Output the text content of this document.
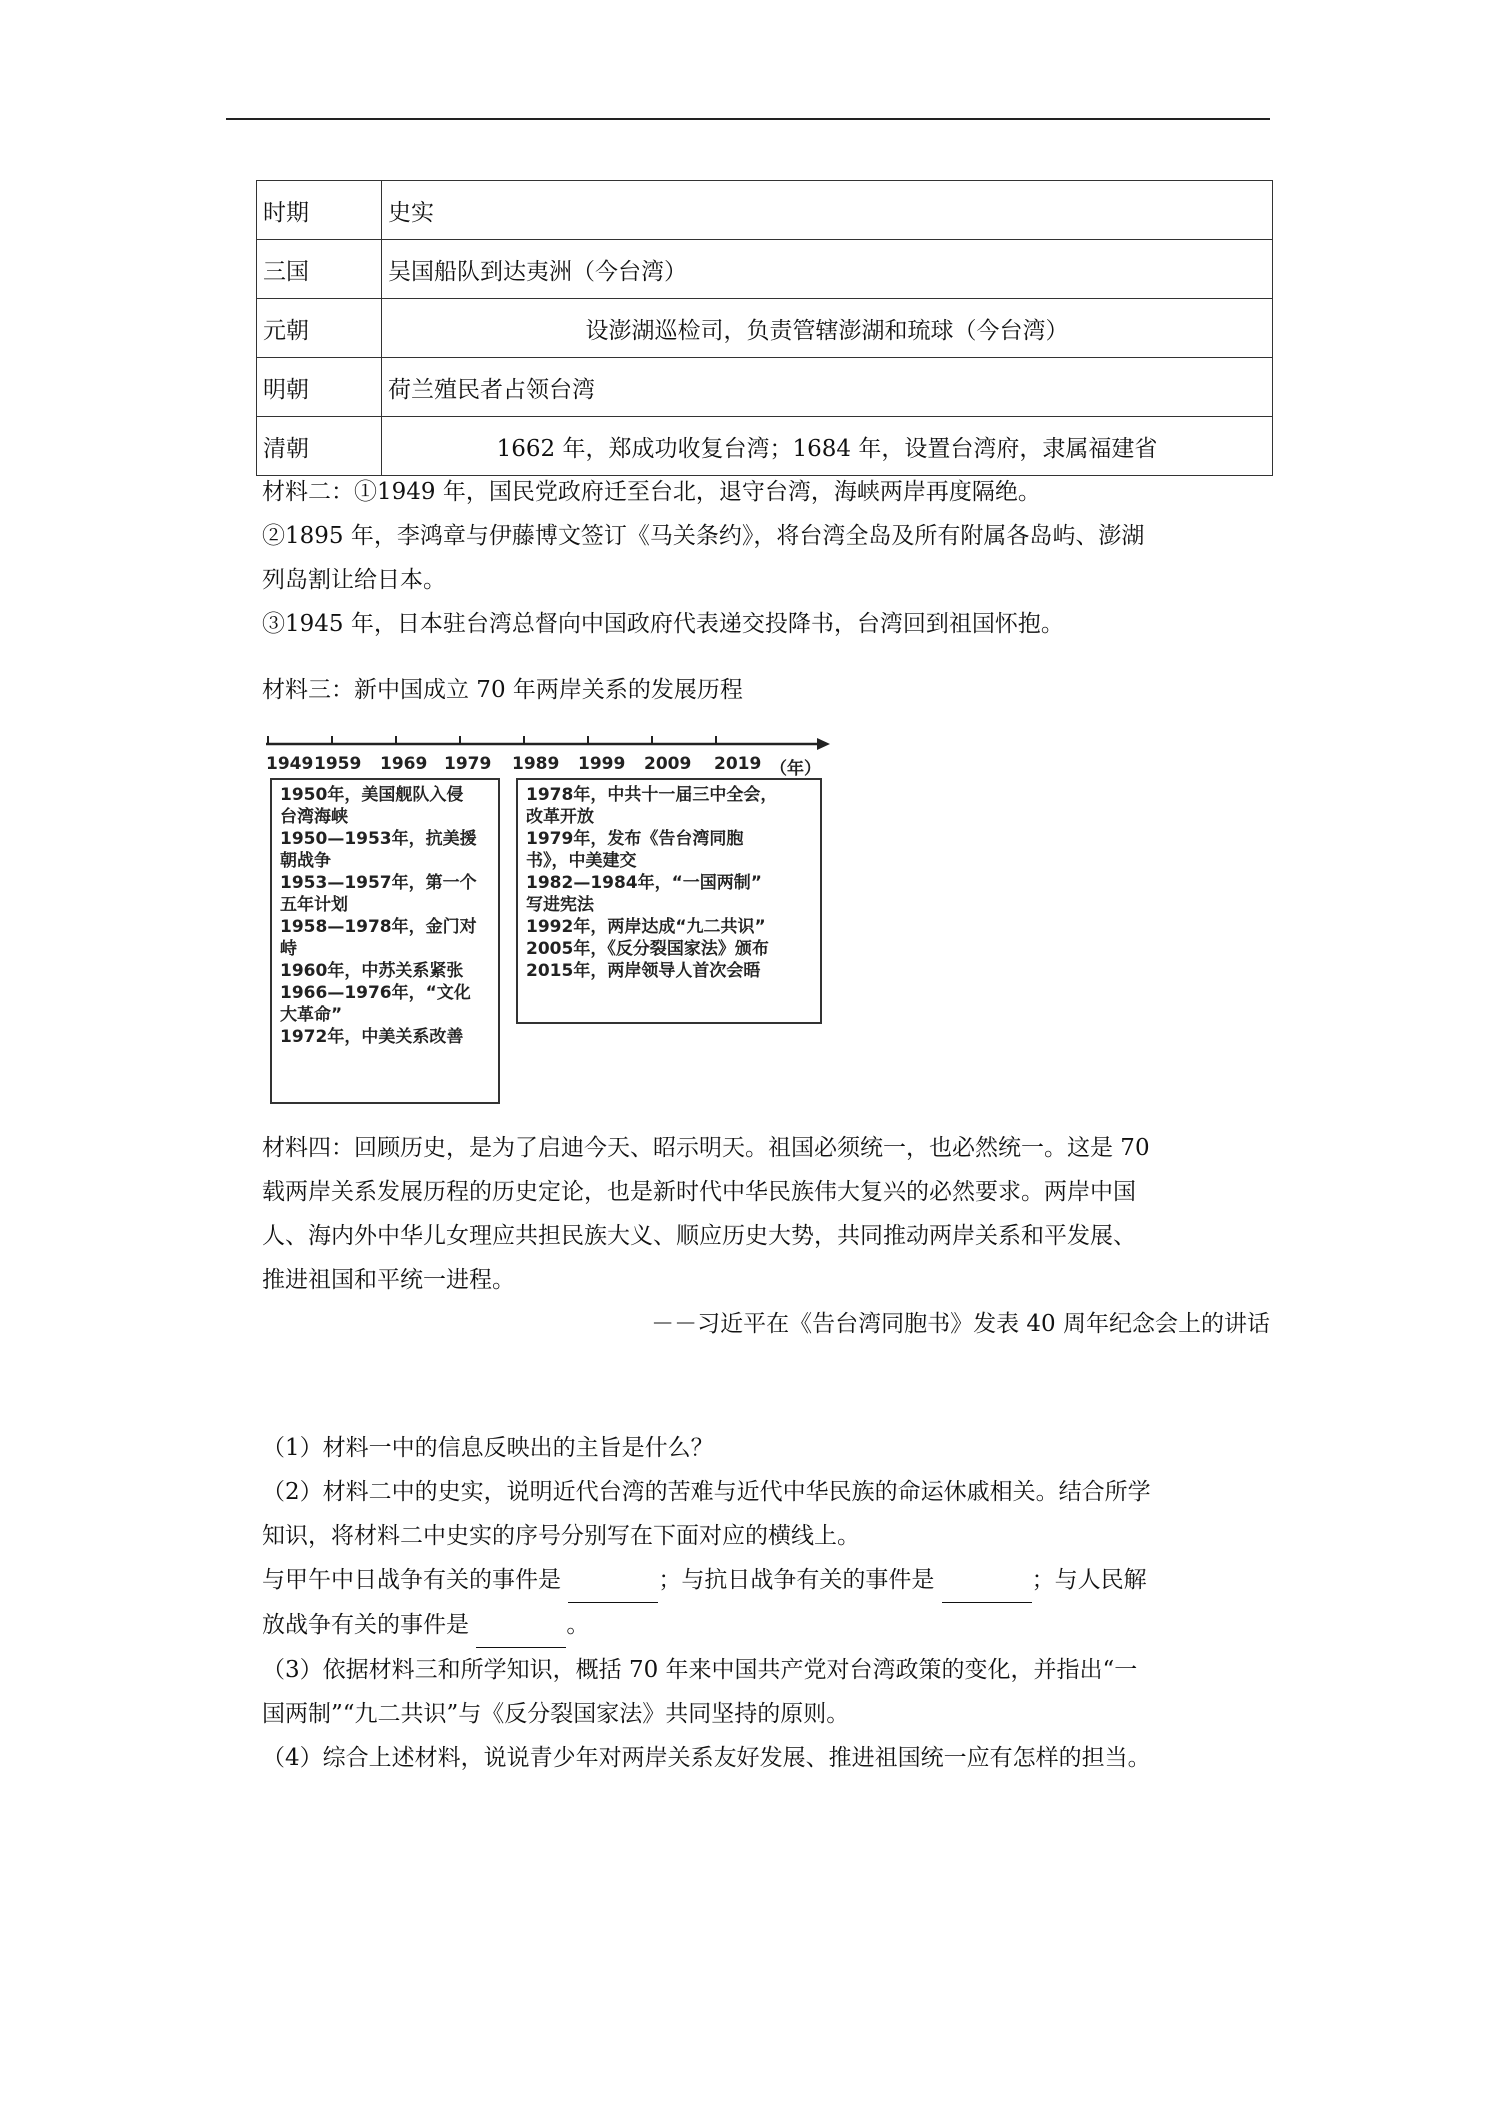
时期	史实
三国	吴国船队到达夷洲（今台湾）
元朝	设澎湖巡检司，负责管辖澎湖和琉球（今台湾）
明朝	荷兰殖民者占领台湾
清朝	1662 年，郑成功收复台湾；1684 年，设置台湾府，隶属福建省
材料二：①1949 年，国民党政府迁至台北，退守台湾，海峡两岸再度隔绝。
②1895 年，李鸿章与伊藤博文签订《马关条约》，将台湾全岛及所有附属各岛屿、澎湖
列岛割让给日本。
③1945 年，日本驻台湾总督向中国政府代表递交投降书，台湾回到祖国怀抱。
材料三：新中国成立 70 年两岸关系的发展历程
1949 1959 1969 1979 1989 1999 2009 2019 （年）
1950年，美国舰队入侵
台湾海峡
1950—1953年，抗美援
朝战争
1953—1957年，第一个
五年计划
1958—1978年，金门对
峙
1960年，中苏关系紧张
1966—1976年，“文化
大革命”
1972年，中美关系改善
1978年，中共十一届三中全会，
改革开放
1979年，发布《告台湾同胞
书》，中美建交
1982—1984年，“一国两制”
写进宪法
1992年，两岸达成“九二共识”
2005年，《反分裂国家法》颁布
2015年，两岸领导人首次会晤
材料四：回顾历史，是为了启迪今天、昭示明天。祖国必须统一，也必然统一。这是 70
载两岸关系发展历程的历史定论，也是新时代中华民族伟大复兴的必然要求。两岸中国
人、海内外中华儿女理应共担民族大义、顺应历史大势，共同推动两岸关系和平发展、
推进祖国和平统一进程。
－－习近平在《告台湾同胞书》发表 40 周年纪念会上的讲话
（1）材料一中的信息反映出的主旨是什么？
（2）材料二中的史实，说明近代台湾的苦难与近代中华民族的命运休戚相关。结合所学
知识，将材料二中史实的序号分别写在下面对应的横线上。
与甲午中日战争有关的事件是	；与抗日战争有关的事件是	；与人民解
放战争有关的事件是	。
（3）依据材料三和所学知识，概括 70 年来中国共产党对台湾政策的变化，并指出“一
国两制”“九二共识”与《反分裂国家法》共同坚持的原则。
（4）综合上述材料，说说青少年对两岸关系友好发展、推进祖国统一应有怎样的担当。
